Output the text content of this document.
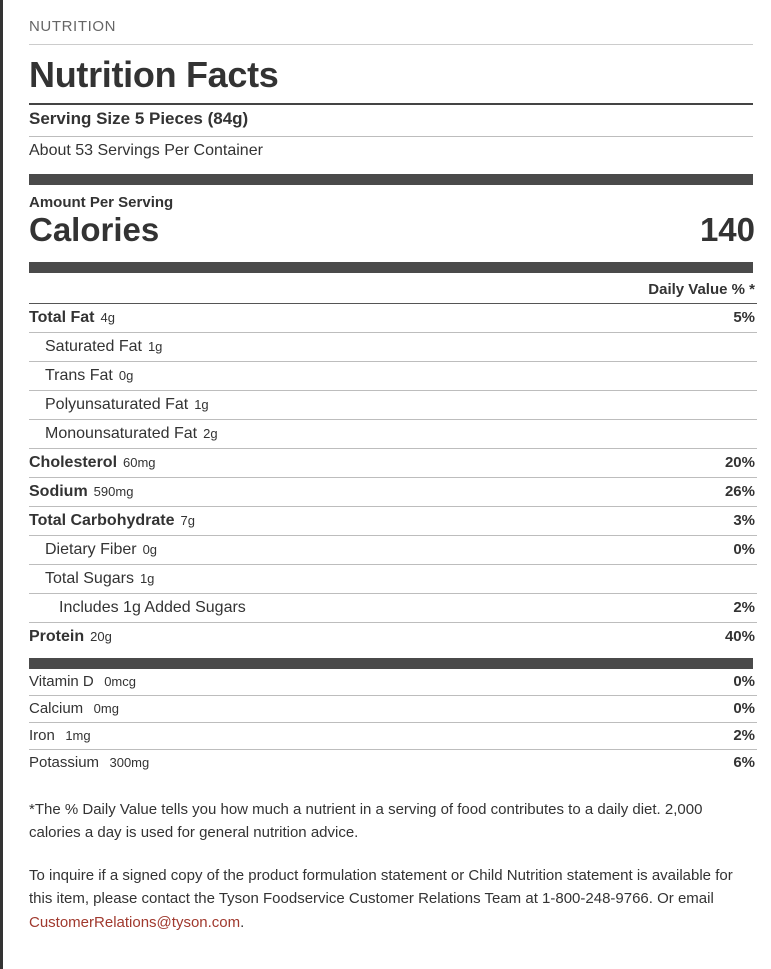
NUTRITION
Nutrition Facts
Serving Size 5 Pieces (84g)
About 53 Servings Per Container
Amount Per Serving
Calories	140
Daily Value % *
Total Fat 4g	5%
Saturated Fat 1g
Trans Fat 0g
Polyunsaturated Fat 1g
Monounsaturated Fat 2g
Cholesterol 60mg	20%
Sodium 590mg	26%
Total Carbohydrate 7g	3%
Dietary Fiber 0g	0%
Total Sugars 1g
Includes 1g Added Sugars	2%
Protein 20g	40%
Vitamin D 0mcg	0%
Calcium 0mg	0%
Iron 1mg	2%
Potassium 300mg	6%
*The % Daily Value tells you how much a nutrient in a serving of food contributes to a daily diet. 2,000 calories a day is used for general nutrition advice.
To inquire if a signed copy of the product formulation statement or Child Nutrition statement is available for this item, please contact the Tyson Foodservice Customer Relations Team at 1-800-248-9766. Or email CustomerRelations@tyson.com.
